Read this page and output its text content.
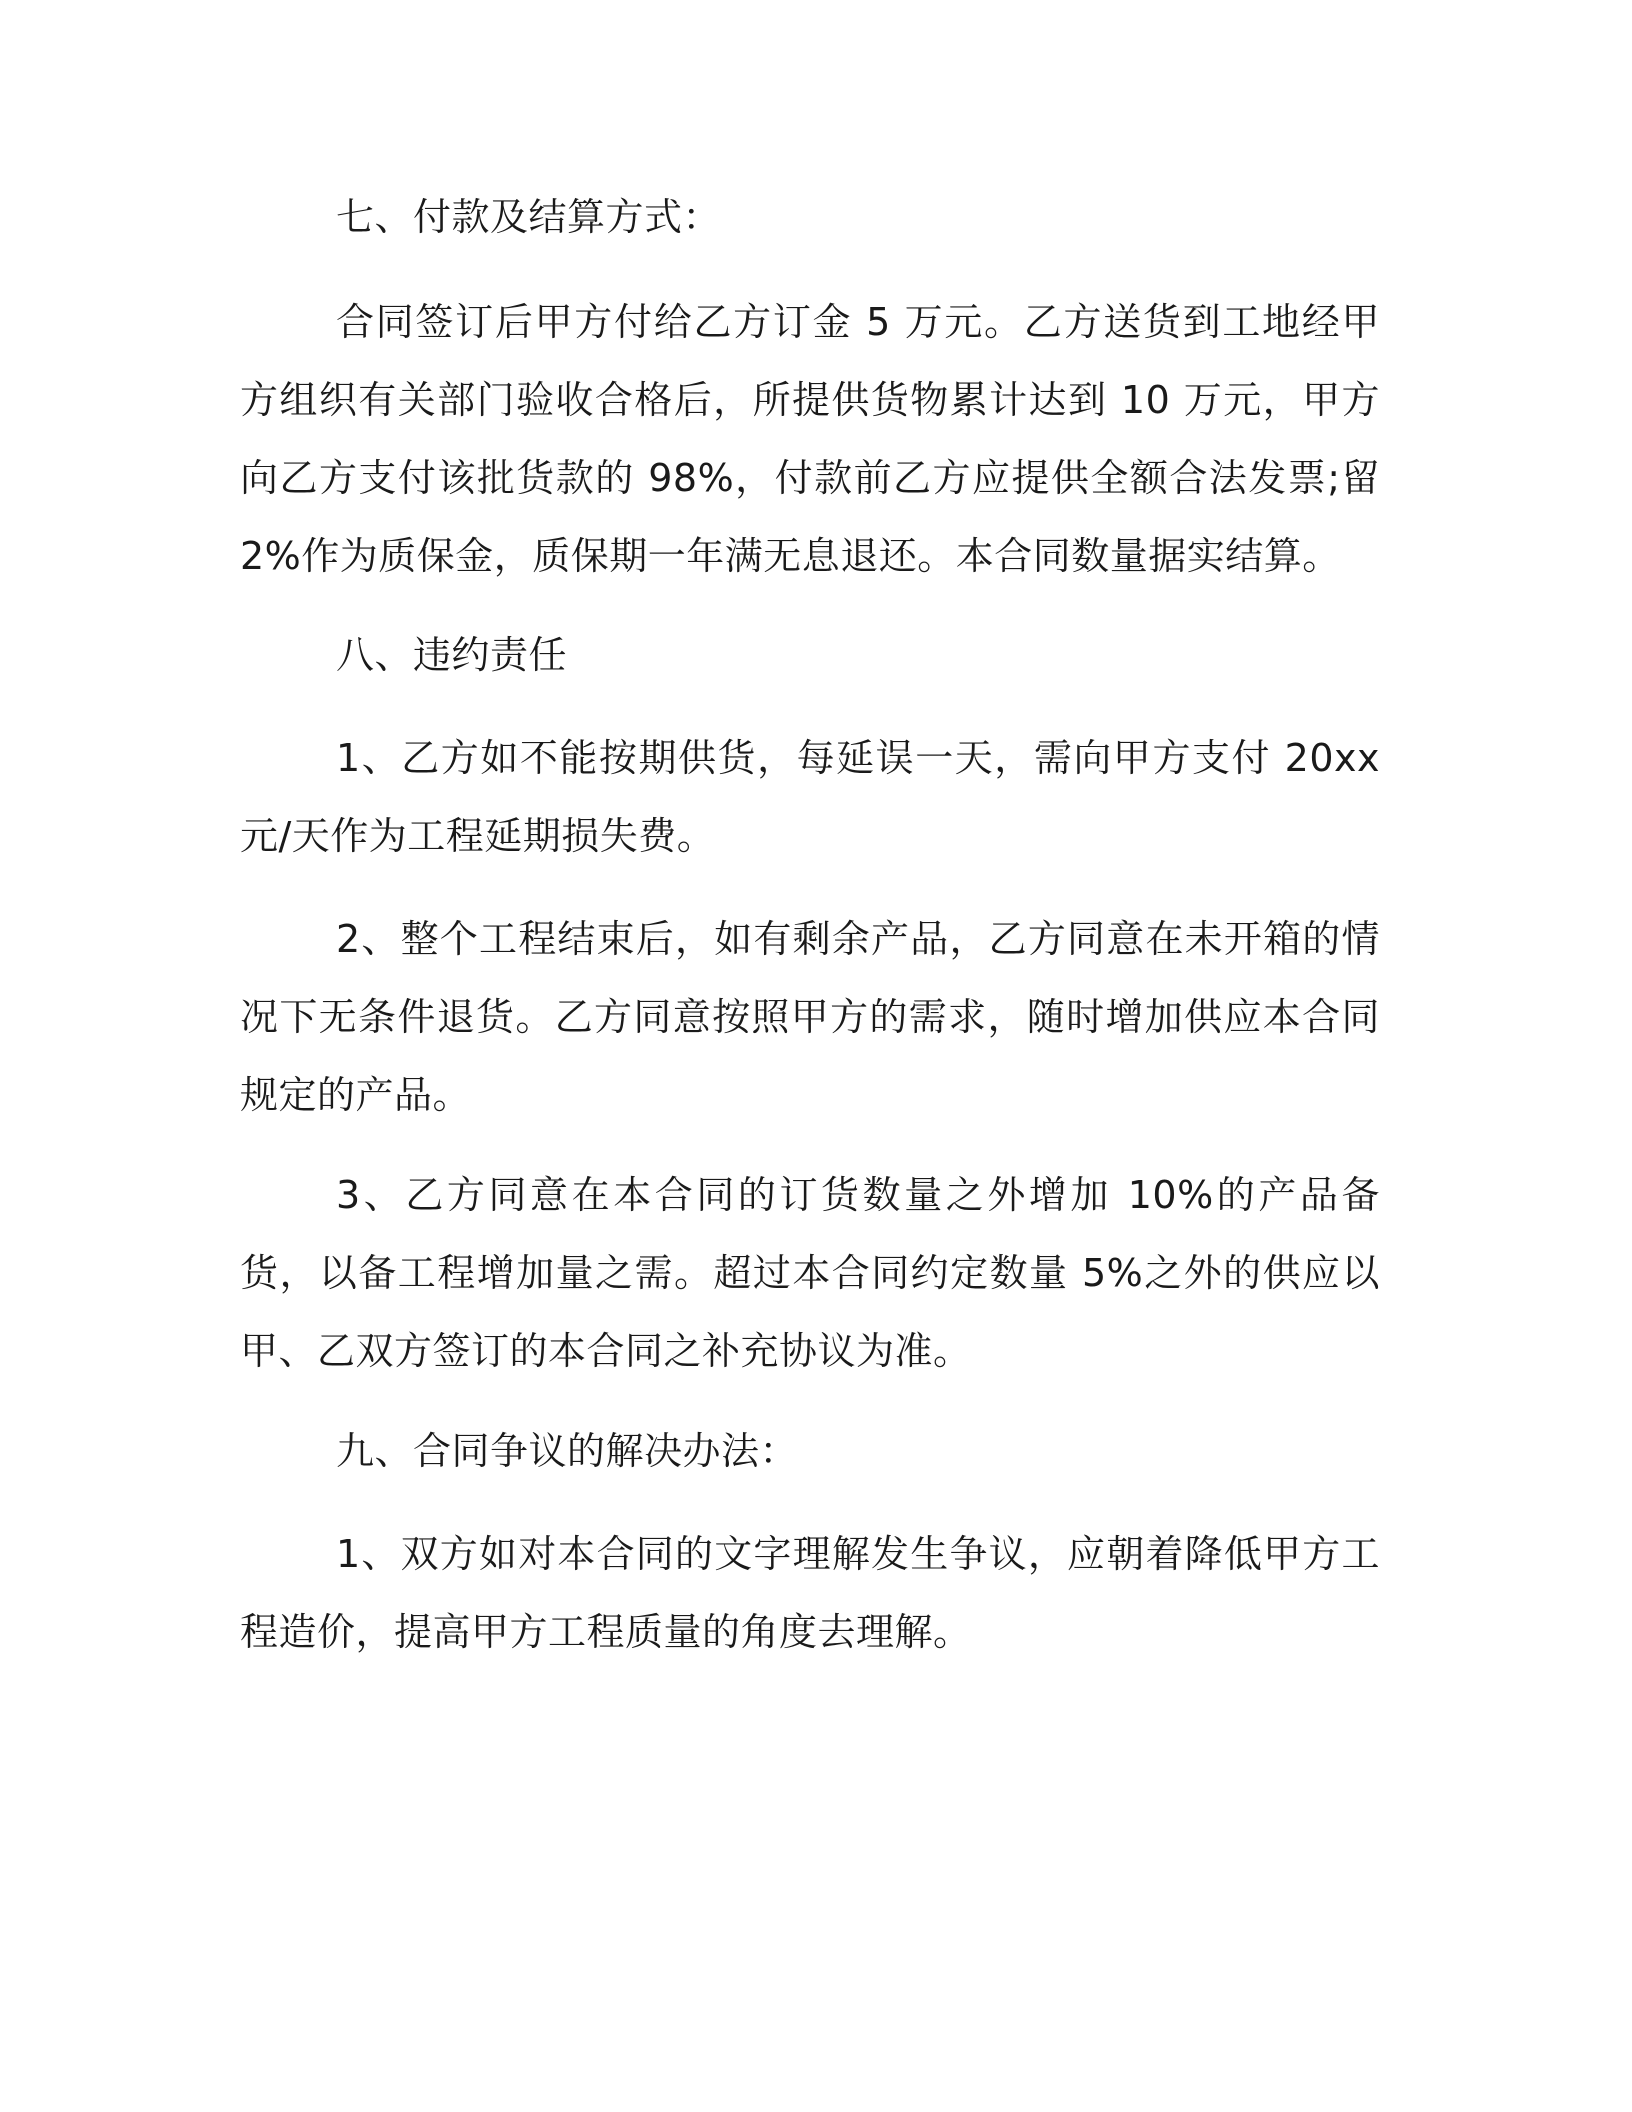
七、付款及结算方式：

合同签订后甲方付给乙方订金 5 万元。乙方送货到工地经甲方组织有关部门验收合格后，所提供货物累计达到 10 万元，甲方向乙方支付该批货款的 98%，付款前乙方应提供全额合法发票;留 2%作为质保金，质保期一年满无息退还。本合同数量据实结算。

八、违约责任

1、乙方如不能按期供货，每延误一天，需向甲方支付 20xx 元/天作为工程延期损失费。

2、整个工程结束后，如有剩余产品，乙方同意在未开箱的情况下无条件退货。乙方同意按照甲方的需求，随时增加供应本合同规定的产品。

3、乙方同意在本合同的订货数量之外增加 10%的产品备货，以备工程增加量之需。超过本合同约定数量 5%之外的供应以甲、乙双方签订的本合同之补充协议为准。

九、合同争议的解决办法：

1、双方如对本合同的文字理解发生争议，应朝着降低甲方工程造价，提高甲方工程质量的角度去理解。
